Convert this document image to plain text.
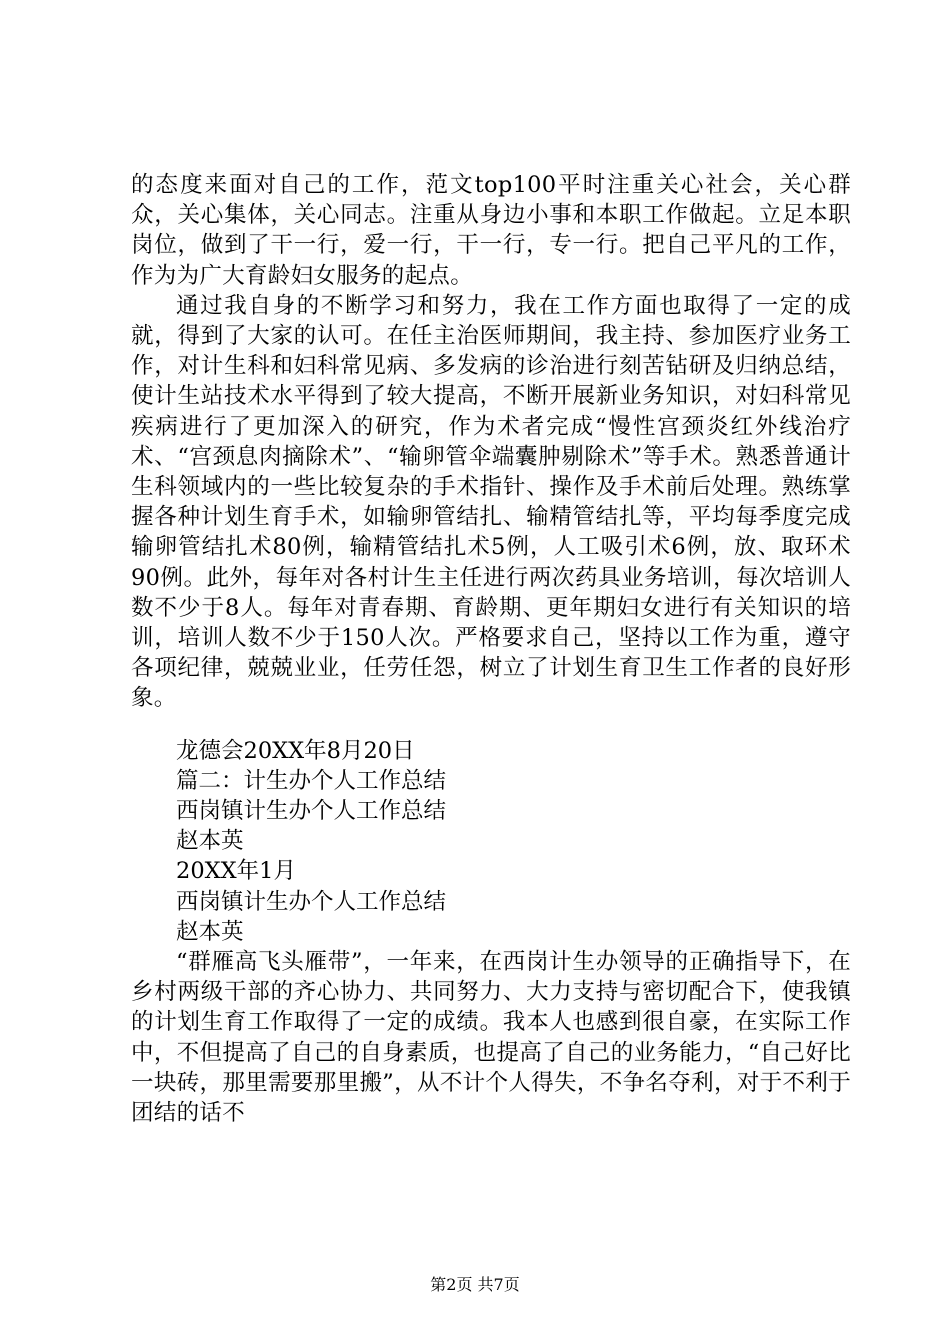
的态度来面对自己的工作，范文top100平时注重关心社会，关心群众，关心集体，关心同志。注重从身边小事和本职工作做起。立足本职岗位，做到了干一行，爱一行，干一行，专一行。把自己平凡的工作，作为为广大育龄妇女服务的起点。

通过我自身的不断学习和努力，我在工作方面也取得了一定的成就，得到了大家的认可。在任主治医师期间，我主持、参加医疗业务工作，对计生科和妇科常见病、多发病的诊治进行刻苦钻研及归纳总结，使计生站技术水平得到了较大提高，不断开展新业务知识，对妇科常见疾病进行了更加深入的研究，作为术者完成“慢性宫颈炎红外线治疗术、“宫颈息肉摘除术”、“输卵管伞端囊肿剔除术”等手术。熟悉普通计生科领域内的一些比较复杂的手术指针、操作及手术前后处理。熟练掌握各种计划生育手术，如输卵管结扎、输精管结扎等，平均每季度完成输卵管结扎术80例，输精管结扎术5例，人工吸引术6例，放、取环术90例。此外，每年对各村计生主任进行两次药具业务培训，每次培训人数不少于8人。每年对青春期、育龄期、更年期妇女进行有关知识的培训，培训人数不少于150人次。严格要求自己，坚持以工作为重，遵守各项纪律，兢兢业业，任劳任怨，树立了计划生育卫生工作者的良好形象。

龙德会20XX年8月20日

篇二：计生办个人工作总结

西岗镇计生办个人工作总结

赵本英

20XX年1月

西岗镇计生办个人工作总结

赵本英

“群雁高飞头雁带”，一年来，在西岗计生办领导的正确指导下，在乡村两级干部的齐心协力、共同努力、大力支持与密切配合下，使我镇的计划生育工作取得了一定的成绩。我本人也感到很自豪，在实际工作中，不但提高了自己的自身素质，也提高了自己的业务能力，“自己好比一块砖，那里需要那里搬”，从不计个人得失，不争名夺利，对于不利于团结的话不

第2页 共7页
